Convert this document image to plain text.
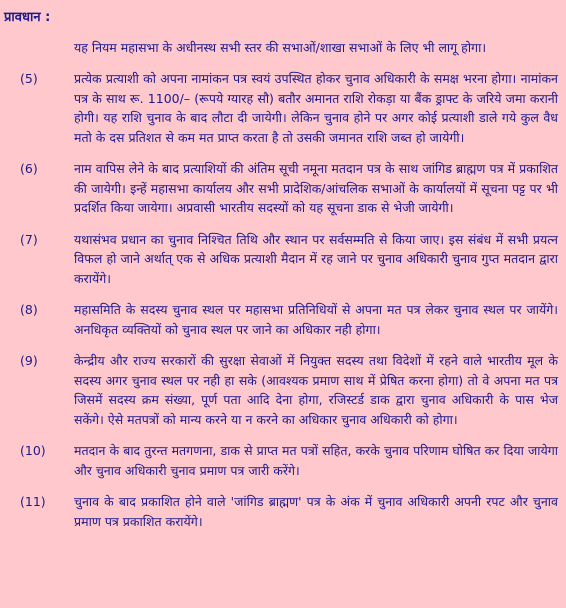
प्रावधान :
यह नियम महासभा के अधीनस्थ सभी स्तर की सभाओं/शाखा सभाओं के लिए भी लागू होगा।
(5)	प्रत्येक प्रत्याशी को अपना नामांकन पत्र स्वयं उपस्थित होकर चुनाव अधिकारी के समक्ष भरना होगा। नामांकन पत्र के साथ रू. 1100/– (रूपये ग्यारह सौ) बतौर अमानत राशि रोकड़ा या बैंक ड्राफ्ट के जरिये जमा करानी होगी। यह राशि चुनाव के बाद लौटा दी जायेगी। लेकिन चुनाव होने पर अगर कोई प्रत्याशी डाले गये कुल वैध मतो के दस प्रतिशत से कम मत प्राप्त करता है तो उसकी जमानत राशि जब्त हो जायेगी।
(6)	नाम वापिस लेने के बाद प्रत्याशियों की अंतिम सूची नमूना मतदान पत्र के साथ जांगिड ब्राह्मण पत्र में प्रकाशित की जायेगी। इन्हें महासभा कार्यालय और सभी प्रादेशिक/आंचलिक सभाओं के कार्यालयों में सूचना पट्ट पर भी प्रदर्शित किया जायेगा। अप्रवासी भारतीय सदस्यों को यह सूचना डाक से भेजी जायेगी।
(7)	यथासंभव प्रधान का चुनाव निश्चित तिथि और स्थान पर सर्वसम्मति से किया जाए। इस संबंध में सभी प्रयत्न विफल हो जाने अर्थात् एक से अधिक प्रत्याशी मैदान में रह जाने पर चुनाव अधिकारी चुनाव गुप्त मतदान द्वारा करायेंगे।
(8)	महासमिति के सदस्य चुनाव स्थल पर महासभा प्रतिनिधियों से अपना मत पत्र लेकर चुनाव स्थल पर जायेंगे। अनधिकृत व्यक्तियों को चुनाव स्थल पर जाने का अधिकार नही होगा।
(9)	केन्द्रीय और राज्य सरकारों की सुरक्षा सेवाओं में नियुक्त सदस्य तथा विदेशों में रहने वाले भारतीय मूल के सदस्य अगर चुनाव स्थल पर नही हा सके (आवश्यक प्रमाण साथ में प्रेषित करना होगा) तो वे अपना मत पत्र जिसमें सदस्य क्रम संख्या, पूर्ण पता आदि देना होगा, रजिस्टर्ड डाक द्वारा चुनाव अधिकारी के पास भेज सकेंगे। ऐसे मतपत्रों को मान्य करने या न करने का अधिकार चुनाव अधिकारी को होगा।
(10)	मतदान के बाद तुरन्त मतगणना, डाक से प्राप्त मत पत्रों सहित, करके चुनाव परिणाम घोषित कर दिया जायेगा और चुनाव अधिकारी चुनाव प्रमाण पत्र जारी करेंगे।
(11)	चुनाव के बाद प्रकाशित होने वाले 'जांगिड ब्राह्मण' पत्र के अंक में चुनाव अधिकारी अपनी रपट और चुनाव प्रमाण पत्र प्रकाशित करायेंगे।
